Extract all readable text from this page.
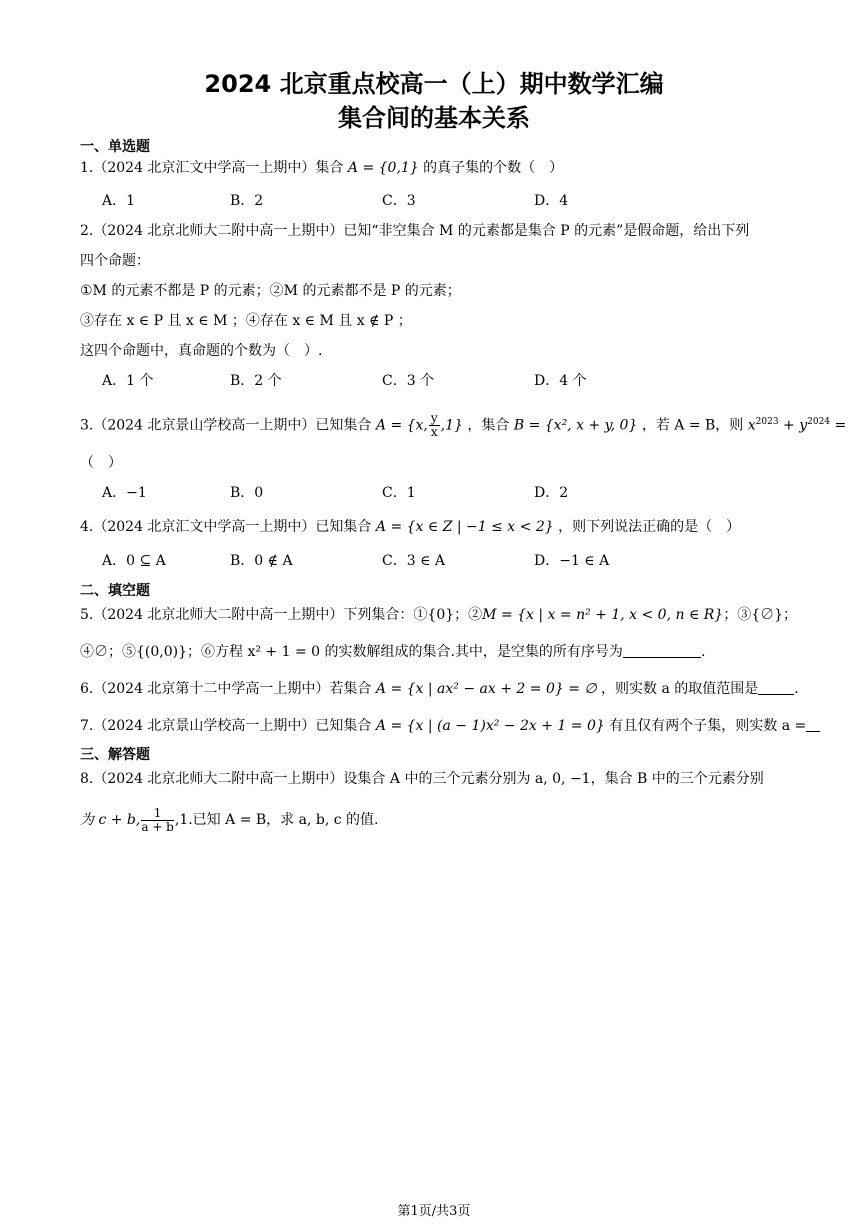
2024 北京重点校高一（上）期中数学汇编
集合间的基本关系
一、单选题
1.（2024 北京汇文中学高一上期中）集合 A = {0,1} 的真子集的个数（　）
A．1	B．2	C．3	D．4
2.（2024 北京北师大二附中高一上期中）已知“非空集合 M 的元素都是集合 P 的元素”是假命题，给出下列
四个命题：
①M 的元素不都是 P 的元素；②M 的元素都不是 P 的元素；
③存在 x ∈ P 且 x ∈ M ；④存在 x ∈ M 且 x ∉ P ；
这四个命题中，真命题的个数为（　）.
A．1 个	B．2 个	C．3 个	D．4 个
3.（2024 北京景山学校高一上期中）已知集合 A = {x, $\frac{y}{x} ,1$} ，集合 B = {x², x + y, 0} ，若 A = B，则 $x^{2023} + y^{2024}$ =
（　）
A．−1	B．0	C．1	D．2
4.（2024 北京汇文中学高一上期中）已知集合 A = {x ∈ Z | −1 ≤ x < 2} ，则下列说法正确的是（　）
A．0 ⊆ A	B．0 ∉ A	C．3 ∈ A	D．−1 ∈ A
二、填空题
5.（2024 北京北师大二附中高一上期中）下列集合：①{0}；②M = {x | x = n² + 1, x < 0, n ∈ R}；③{∅}；
④∅；⑤{(0,0)}；⑥方程 x² + 1 = 0 的实数解组成的集合.其中，是空集的所有序号为	.
6.（2024 北京第十二中学高一上期中）若集合 A = {x | ax² − ax + 2 = 0} = ∅ ，则实数 a 的取值范围是	.
7.（2024 北京景山学校高一上期中）已知集合 A = {x | (a − 1)x² − 2x + 1 = 0} 有且仅有两个子集，则实数 a =
三、解答题
8.（2024 北京北师大二附中高一上期中）设集合 A 中的三个元素分别为 a, 0, −1，集合 B 中的三个元素分别
为 c + b, $\frac{1}{a + b} ,1$.已知 A = B，求 a, b, c 的值.
第1页/共3页
